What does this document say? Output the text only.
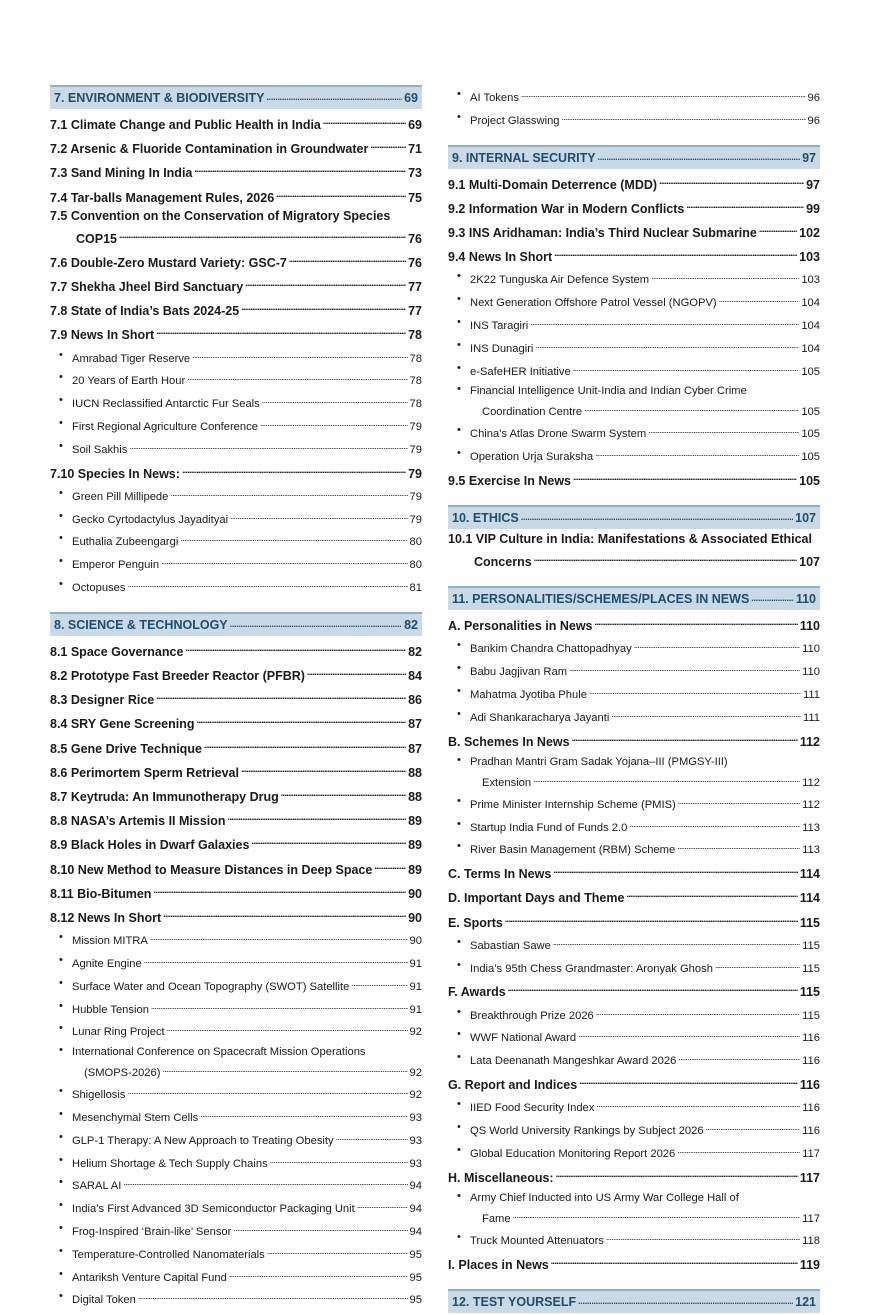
7. ENVIRONMENT & BIODIVERSITY . . .	69
7.1 Climate Change and Public Health in India . . .	69
7.2 Arsenic & Fluoride Contamination in Groundwater . . .	71
7.3 Sand Mining In India . . .	73
7.4 Tar-balls Management Rules, 2026 . . .	75
7.5 Convention on the Conservation of Migratory Species
COP15 . . .	76
7.6 Double-Zero Mustard Variety: GSC-7 . . .	76
7.7 Shekha Jheel Bird Sanctuary . . .	77
7.8 State of India’s Bats 2024-25 . . .	77
7.9 News In Short . . .	78
• Amrabad Tiger Reserve . . .	78
• 20 Years of Earth Hour . . .	78
• IUCN Reclassified Antarctic Fur Seals . . .	78
• First Regional Agriculture Conference . . .	79
• Soil Sakhis . . .	79
7.10 Species In News: . . .	79
• Green Pill Millipede . . .	79
• Gecko Cyrtodactylus Jayadityai . . .	79
• Euthalia Zubeengargi . . .	80
• Emperor Penguin . . .	80
• Octopuses . . .	81
8. SCIENCE & TECHNOLOGY . . .	82
8.1 Space Governance . . .	82
8.2 Prototype Fast Breeder Reactor (PFBR) . . .	84
8.3 Designer Rice . . .	86
8.4 SRY Gene Screening . . .	87
8.5 Gene Drive Technique . . .	87
8.6 Perimortem Sperm Retrieval . . .	88
8.7 Keytruda: An Immunotherapy Drug . . .	88
8.8 NASA’s Artemis II Mission . . .	89
8.9 Black Holes in Dwarf Galaxies . . .	89
8.10 New Method to Measure Distances in Deep Space . . .	89
8.11 Bio-Bitumen . . .	90
8.12 News In Short . . .	90
• Mission MITRA . . .	90
• Agnite Engine . . .	91
• Surface Water and Ocean Topography (SWOT) Satellite . . .	91
• Hubble Tension . . .	91
• Lunar Ring Project . . .	92
• International Conference on Spacecraft Mission Operations
(SMOPS-2026) . . .	92
• Shigellosis . . .	92
• Mesenchymal Stem Cells . . .	93
• GLP-1 Therapy: A New Approach to Treating Obesity . . .	93
• Helium Shortage & Tech Supply Chains . . .	93
• SARAL AI . . .	94
• India’s First Advanced 3D Semiconductor Packaging Unit . . .	94
• Frog-Inspired ‘Brain-like’ Sensor . . .	94
• Temperature-Controlled Nanomaterials . . .	95
• Antariksh Venture Capital Fund . . .	95
• Digital Token . . .	95
• AI Tokens . . .	96
• Project Glasswing . . .	96
9. INTERNAL SECURITY . . .	97
9.1 Multi-Domain Deterrence (MDD) . . .	97
9.2 Information War in Modern Conflicts . . .	99
9.3 INS Aridhaman: India’s Third Nuclear Submarine . . .	102
9.4 News In Short . . .	103
• 2K22 Tunguska Air Defence System . . .	103
• Next Generation Offshore Patrol Vessel (NGOPV) . . .	104
• INS Taragiri . . .	104
• INS Dunagiri . . .	104
• e-SafeHER Initiative . . .	105
• Financial Intelligence Unit-India and Indian Cyber Crime
Coordination Centre . . .	105
• China's Atlas Drone Swarm System . . .	105
• Operation Urja Suraksha . . .	105
9.5 Exercise In News . . .	105
10. ETHICS . . .	107
10.1 VIP Culture in India: Manifestations & Associated Ethical
Concerns . . .	107
11. PERSONALITIES/SCHEMES/PLACES IN NEWS . . .	110
A. Personalities in News . . .	110
• Bankim Chandra Chattopadhyay . . .	110
• Babu Jagjivan Ram . . .	110
• Mahatma Jyotiba Phule . . .	111
• Adi Shankaracharya Jayanti . . .	111
B. Schemes In News . . .	112
• Pradhan Mantri Gram Sadak Yojana–III (PMGSY-III)
Extension . . .	112
• Prime Minister Internship Scheme (PMIS) . . .	112
• Startup India Fund of Funds 2.0 . . .	113
• River Basin Management (RBM) Scheme . . .	113
C. Terms In News . . .	114
D. Important Days and Theme . . .	114
E. Sports . . .	115
• Sabastian Sawe . . .	115
• India’s 95th Chess Grandmaster: Aronyak Ghosh . . .	115
F. Awards . . .	115
• Breakthrough Prize 2026 . . .	115
• WWF National Award . . .	116
• Lata Deenanath Mangeshkar Award 2026 . . .	116
G. Report and Indices . . .	116
• IIED Food Security Index . . .	116
• QS World University Rankings by Subject 2026 . . .	116
• Global Education Monitoring Report 2026 . . .	117
H. Miscellaneous: . . .	117
• Army Chief Inducted into US Army War College Hall of
Fame . . .	117
• Truck Mounted Attenuators . . .	118
I. Places in News . . .	119
12. TEST YOURSELF . . .	121
